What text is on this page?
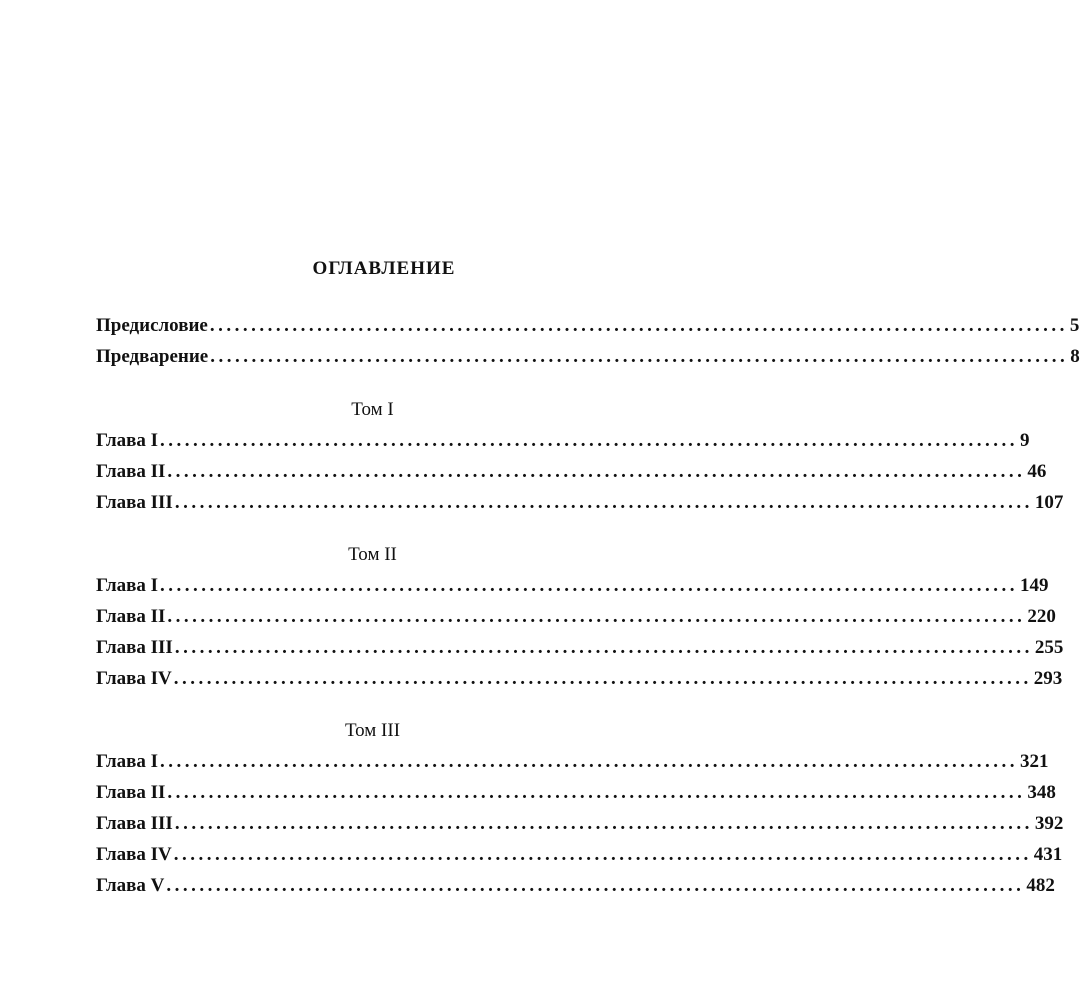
ОГЛАВЛЕНИЕ
Предисловие ........................................................................................................ 5
Предварение ........................................................................................................ 8
Том I
Глава I ........................................................................................................ 9
Глава II ........................................................................................................ 46
Глава III ........................................................................................................ 107
Том II
Глава I ........................................................................................................ 149
Глава II ........................................................................................................ 220
Глава III ........................................................................................................ 255
Глава IV ........................................................................................................ 293
Том III
Глава I ........................................................................................................ 321
Глава II ........................................................................................................ 348
Глава III ........................................................................................................ 392
Глава IV ........................................................................................................ 431
Глава V ........................................................................................................ 482
